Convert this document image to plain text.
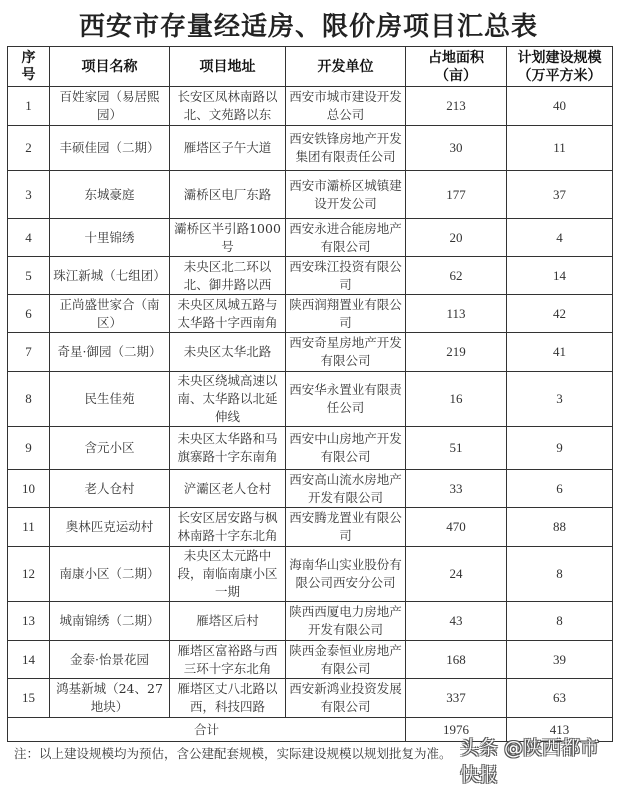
西安市存量经适房、限价房项目汇总表
序号	项目名称	项目地址	开发单位	占地面积（亩）	计划建设规模（万平方米）
1	百姓家园（易居熙园）	长安区凤林南路以北、文苑路以东	西安市城市建设开发总公司	213	40
2	丰硕佳园（二期）	雁塔区子午大道	西安铁锋房地产开发集团有限责任公司	30	11
3	东城豪庭	灞桥区电厂东路	西安市灞桥区城镇建设开发公司	177	37
4	十里锦绣	灞桥区半引路1000号	西安永进合能房地产有限公司	20	4
5	珠江新城（七组团）	未央区北二环以北、御井路以西	西安珠江投资有限公司	62	14
6	正尚盛世家合（南区）	未央区凤城五路与太华路十字西南角	陕西润翔置业有限公司	113	42
7	奇星·御园（二期）	未央区太华北路	西安奇星房地产开发有限公司	219	41
8	民生佳苑	未央区绕城高速以南、太华路以北延伸线	西安华永置业有限责任公司	16	3
9	含元小区	未央区太华路和马旗寨路十字东南角	西安中山房地产开发有限公司	51	9
10	老人仓村	浐灞区老人仓村	西安高山流水房地产开发有限公司	33	6
11	奥林匹克运动村	长安区居安路与枫林南路十字东北角	西安腾龙置业有限公司	470	88
12	南康小区（二期）	未央区太元路中段，南临南康小区一期	海南华山实业股份有限公司西安分公司	24	8
13	城南锦绣（二期）	雁塔区后村	陕西西厦电力房地产开发有限公司	43	8
14	金泰·怡景花园	雁塔区富裕路与西三环十字东北角	陕西金泰恒业房地产有限公司	168	39
15	鸿基新城（24、27地块）	雁塔区丈八北路以西，科技四路	西安新鸿业投资发展有限公司	337	63
合计				1976	413
注：以上建设规模均为预估，含公建配套规模，实际建设规模以规划批复为准。 头条 @陕西都市快报
